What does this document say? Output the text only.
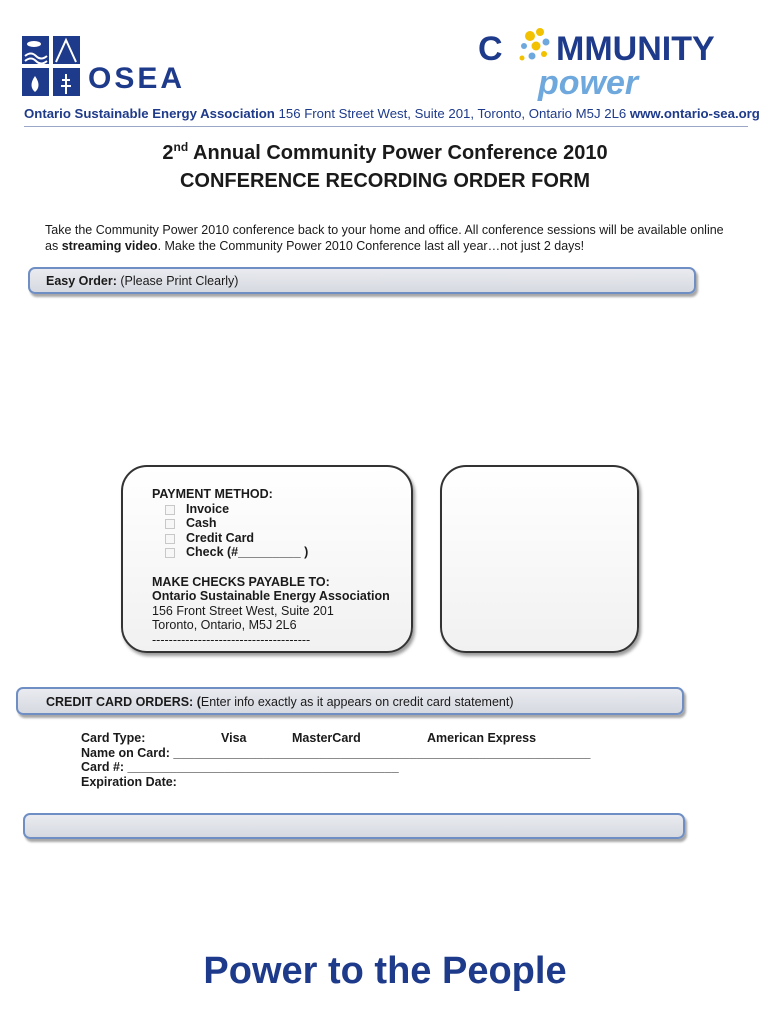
OSEA
C MMUNITY
power
Ontario Sustainable Energy Association 156 Front Street West, Suite 201, Toronto, Ontario M5J 2L6 www.ontario-sea.org
2nd Annual Community Power Conference 2010
CONFERENCE RECORDING ORDER FORM
Take the Community Power 2010 conference back to your home and office. All conference sessions will be available online as streaming video. Make the Community Power 2010 Conference last all year…not just 2 days!
Easy Order: (Please Print Clearly)
PAYMENT METHOD:
Invoice
Cash
Credit Card
Check (#_________ )
MAKE CHECKS PAYABLE TO:
Ontario Sustainable Energy Association
156 Front Street West, Suite 201
Toronto, Ontario, M5J 2L6
--------------------------------------
CREDIT CARD ORDERS: (Enter info exactly as it appears on credit card statement)
Card Type:	Visa	MasterCard	American Express
Name on Card: ____________________________________________________________
Card #: _______________________________________
Expiration Date:
Power to the People
